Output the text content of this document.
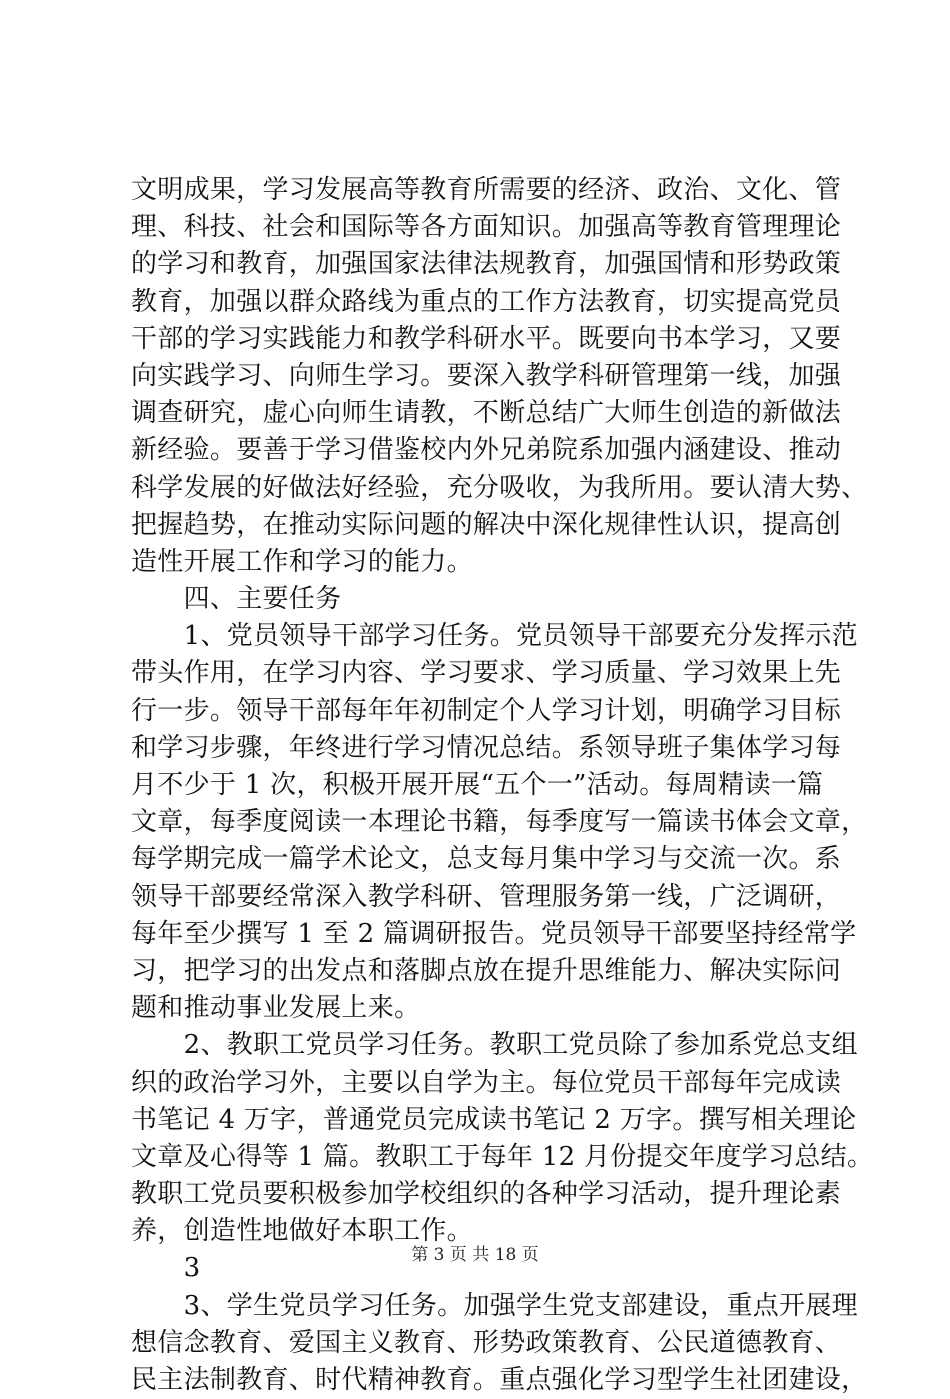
文明成果，学习发展高等教育所需要的经济、政治、文化、管
理、科技、社会和国际等各方面知识。加强高等教育管理理论
的学习和教育，加强国家法律法规教育，加强国情和形势政策
教育，加强以群众路线为重点的工作方法教育，切实提高党员
干部的学习实践能力和教学科研水平。既要向书本学习，又要
向实践学习、向师生学习。要深入教学科研管理第一线，加强
调查研究，虚心向师生请教，不断总结广大师生创造的新做法
新经验。要善于学习借鉴校内外兄弟院系加强内涵建设、推动
科学发展的好做法好经验，充分吸收，为我所用。要认清大势、
把握趋势，在推动实际问题的解决中深化规律性认识，提高创
造性开展工作和学习的能力。
　　四、主要任务
　　1、党员领导干部学习任务。党员领导干部要充分发挥示范
带头作用，在学习内容、学习要求、学习质量、学习效果上先
行一步。领导干部每年年初制定个人学习计划，明确学习目标
和学习步骤，年终进行学习情况总结。系领导班子集体学习每
月不少于 1 次，积极开展开展“五个一”活动。每周精读一篇
文章，每季度阅读一本理论书籍，每季度写一篇读书体会文章，
每学期完成一篇学术论文，总支每月集中学习与交流一次。系
领导干部要经常深入教学科研、管理服务第一线，广泛调研，
每年至少撰写 1 至 2 篇调研报告。党员领导干部要坚持经常学
习，把学习的出发点和落脚点放在提升思维能力、解决实际问
题和推动事业发展上来。
　　2、教职工党员学习任务。教职工党员除了参加系党总支组
织的政治学习外，主要以自学为主。每位党员干部每年完成读
书笔记 4 万字，普通党员完成读书笔记 2 万字。撰写相关理论
文章及心得等 1 篇。教职工于每年 12 月份提交年度学习总结。
教职工党员要积极参加学校组织的各种学习活动，提升理论素
养，创造性地做好本职工作。
　　3
　　3、学生党员学习任务。加强学生党支部建设，重点开展理
想信念教育、爱国主义教育、形势政策教育、公民道德教育、
民主法制教育、时代精神教育。重点强化学习型学生社团建设，
第 3 页 共 18 页
